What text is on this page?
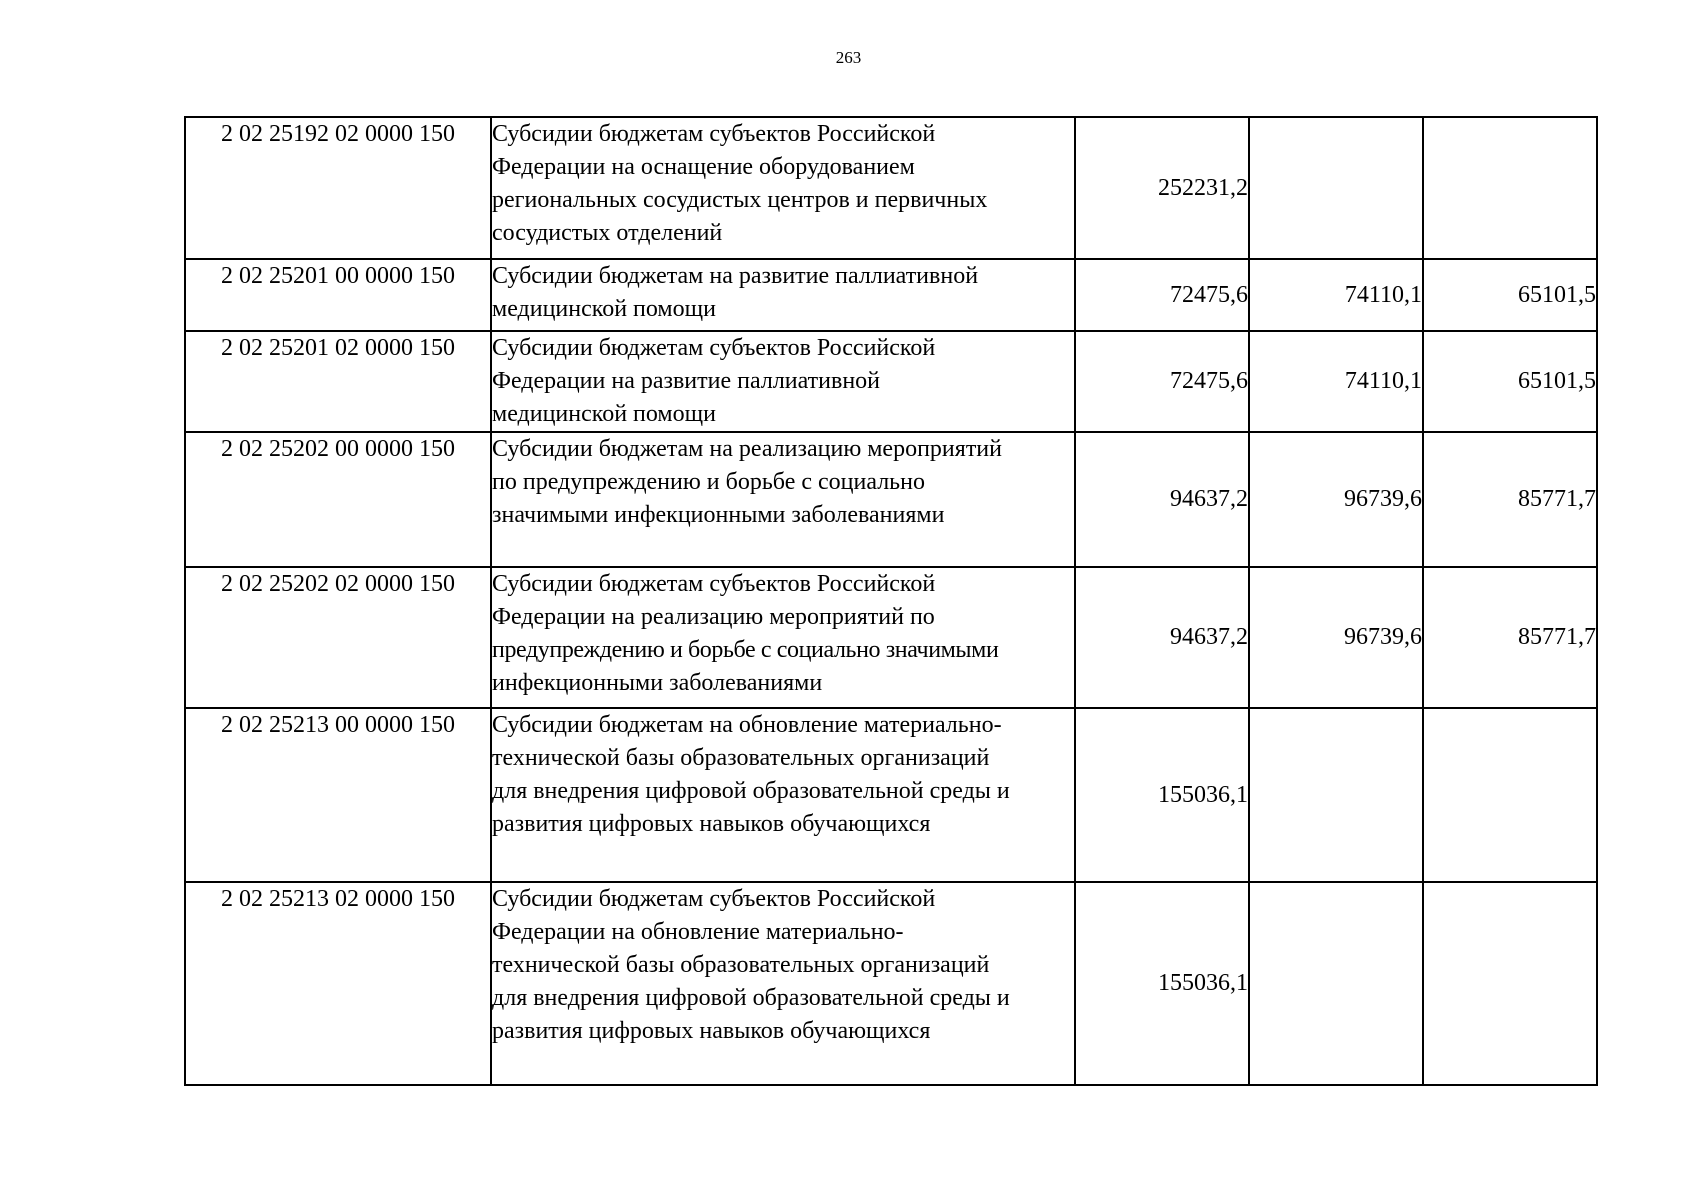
263
2 02 25192 02 0000 150	Субсидии бюджетам субъектов Российской
Федерации на оснащение оборудованием
региональных сосудистых центров и первичных
сосудистых отделений	252231,2		
2 02 25201 00 0000 150	Субсидии бюджетам на развитие паллиативной
медицинской помощи	72475,6	74110,1	65101,5
2 02 25201 02 0000 150	Субсидии бюджетам субъектов Российской
Федерации на развитие паллиативной
медицинской помощи	72475,6	74110,1	65101,5
2 02 25202 00 0000 150	Субсидии бюджетам на реализацию мероприятий
по предупреждению и борьбе с социально
значимыми инфекционными заболеваниями	94637,2	96739,6	85771,7
2 02 25202 02 0000 150	Субсидии бюджетам субъектов Российской
Федерации на реализацию мероприятий по
предупреждению и борьбе с социально значимыми
инфекционными заболеваниями	94637,2	96739,6	85771,7
2 02 25213 00 0000 150	Субсидии бюджетам на обновление материально-
технической базы образовательных организаций
для внедрения цифровой образовательной среды и
развития цифровых навыков обучающихся	155036,1		
2 02 25213 02 0000 150	Субсидии бюджетам субъектов Российской
Федерации на обновление материально-
технической базы образовательных организаций
для внедрения цифровой образовательной среды и
развития цифровых навыков обучающихся	155036,1		
